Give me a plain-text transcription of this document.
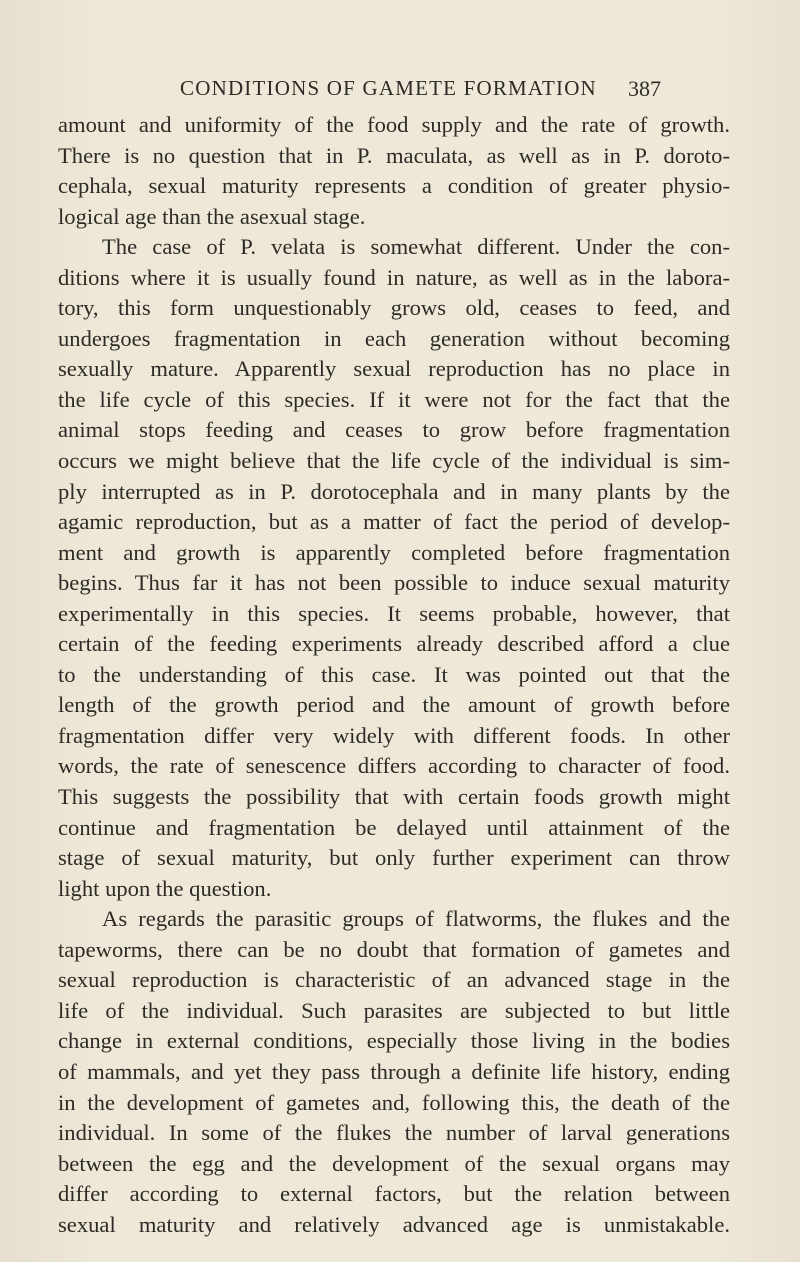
CONDITIONS OF GAMETE FORMATION 387
amount and uniformity of the food supply and the rate of growth.
There is no question that in P. maculata, as well as in P. doroto-
cephala, sexual maturity represents a condition of greater physio-
logical age than the asexual stage.
The case of P. velata is somewhat different. Under the con-
ditions where it is usually found in nature, as well as in the labora-
tory, this form unquestionably grows old, ceases to feed, and
undergoes fragmentation in each generation without becoming
sexually mature. Apparently sexual reproduction has no place in
the life cycle of this species. If it were not for the fact that the
animal stops feeding and ceases to grow before fragmentation
occurs we might believe that the life cycle of the individual is sim-
ply interrupted as in P. dorotocephala and in many plants by the
agamic reproduction, but as a matter of fact the period of develop-
ment and growth is apparently completed before fragmentation
begins. Thus far it has not been possible to induce sexual maturity
experimentally in this species. It seems probable, however, that
certain of the feeding experiments already described afford a clue
to the understanding of this case. It was pointed out that the
length of the growth period and the amount of growth before
fragmentation differ very widely with different foods. In other
words, the rate of senescence differs according to character of food.
This suggests the possibility that with certain foods growth might
continue and fragmentation be delayed until attainment of the
stage of sexual maturity, but only further experiment can throw
light upon the question.
As regards the parasitic groups of flatworms, the flukes and the
tapeworms, there can be no doubt that formation of gametes and
sexual reproduction is characteristic of an advanced stage in the
life of the individual. Such parasites are subjected to but little
change in external conditions, especially those living in the bodies
of mammals, and yet they pass through a definite life history, ending
in the development of gametes and, following this, the death of the
individual. In some of the flukes the number of larval generations
between the egg and the development of the sexual organs may
differ according to external factors, but the relation between
sexual maturity and relatively advanced age is unmistakable.
